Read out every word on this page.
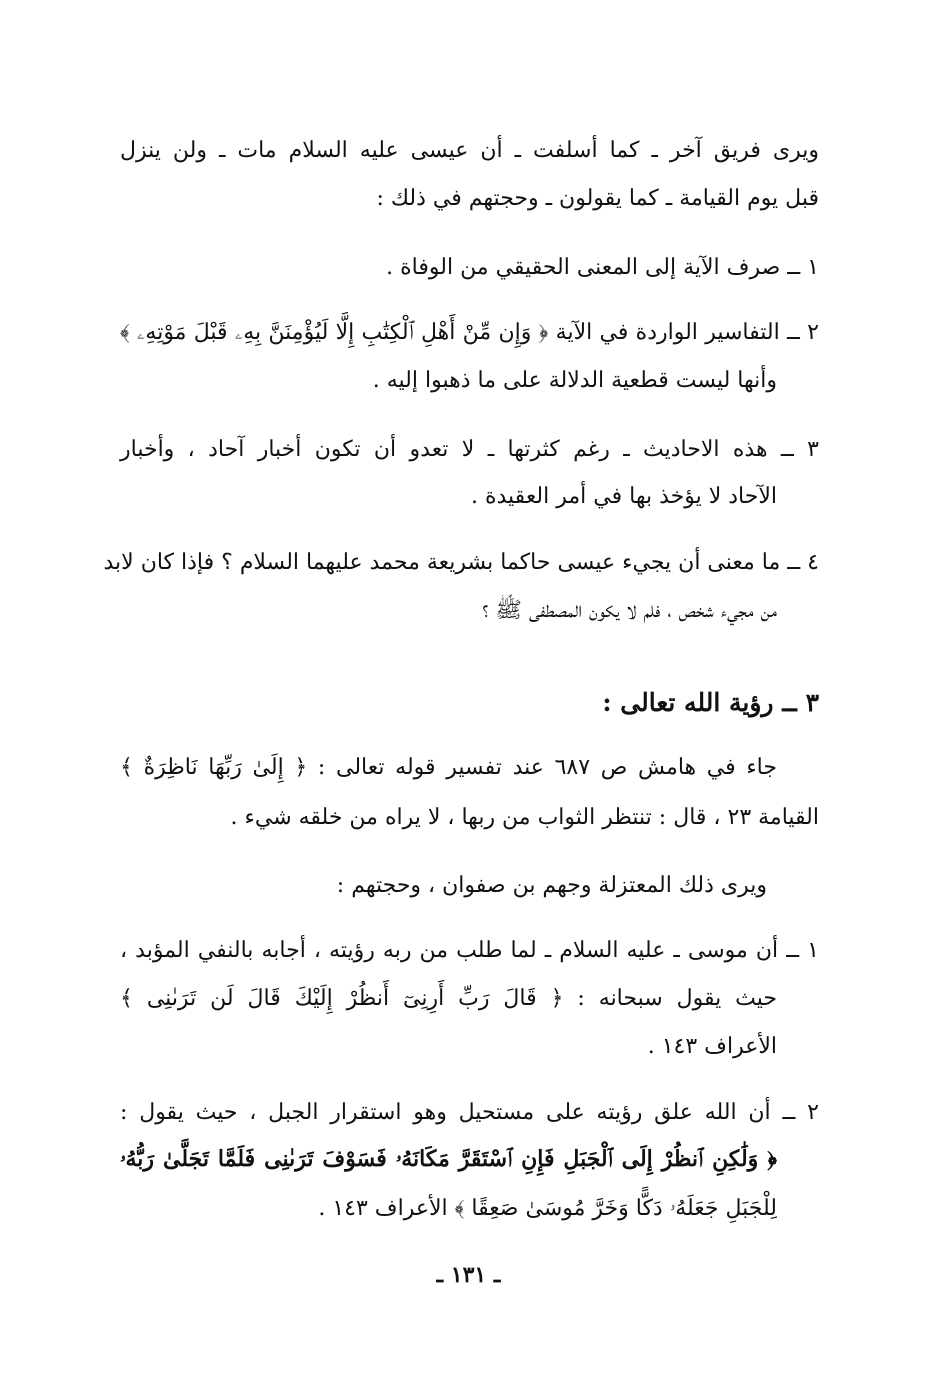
ويرى فريق آخر ـ كما أسلفت ـ أن عيسى عليه السلام مات ـ ولن ينزل
قبل يوم القيامة ـ كما يقولون ـ وحجتهم في ذلك :
١ ــ صرف الآية إلى المعنى الحقيقي من الوفاة .
٢ ــ التفاسير الواردة في الآية ﴿ وَإِن مِّنْ أَهْلِ ٱلْكِتَٰبِ إِلَّا لَيُؤْمِنَنَّ بِهِۦ قَبْلَ مَوْتِهِۦ ﴾
وأنها ليست قطعية الدلالة على ما ذهبوا إليه .
٣ ــ هذه الاحاديث ـ رغم كثرتها ـ لا تعدو أن تكون أخبار آحاد ، وأخبار
الآحاد لا يؤخذ بها في أمر العقيدة .
٤ ــ ما معنى أن يجيء عيسى حاكما بشريعة محمد عليهما السلام ؟ فإذا كان لابد
من مجيء شخص ، فلم لا يكون المصطفى ﷺ ؟
٣ ــ رؤية الله تعالى :
جاء في هامش ص ٦٨٧ عند تفسير قوله تعالى : ﴿ إِلَىٰ رَبِّهَا نَاظِرَةٌ ﴾
القيامة ٢٣ ، قال : تنتظر الثواب من ربها ، لا يراه من خلقه شيء .
ويرى ذلك المعتزلة وجهم بن صفوان ، وحجتهم :
١ ــ أن موسى ـ عليه السلام ـ لما طلب من ربه رؤيته ، أجابه بالنفي المؤبد ،
حيث يقول سبحانه : ﴿ قَالَ رَبِّ أَرِنِىٓ أَنظُرْ إِلَيْكَ قَالَ لَن تَرَىٰنِى ﴾
الأعراف ١٤٣ .
٢ ــ أن الله علق رؤيته على مستحيل وهو استقرار الجبل ، حيث يقول :
﴿ وَلَٰكِنِ ٱنظُرْ إِلَى ٱلْجَبَلِ فَإِنِ ٱسْتَقَرَّ مَكَانَهُۥ فَسَوْفَ تَرَىٰنِى فَلَمَّا تَجَلَّىٰ رَبُّهُۥ
لِلْجَبَلِ جَعَلَهُۥ دَكًّا وَخَرَّ مُوسَىٰ صَعِقًا ﴾ الأعراف ١٤٣ .
ـ ١٣١ ـ
